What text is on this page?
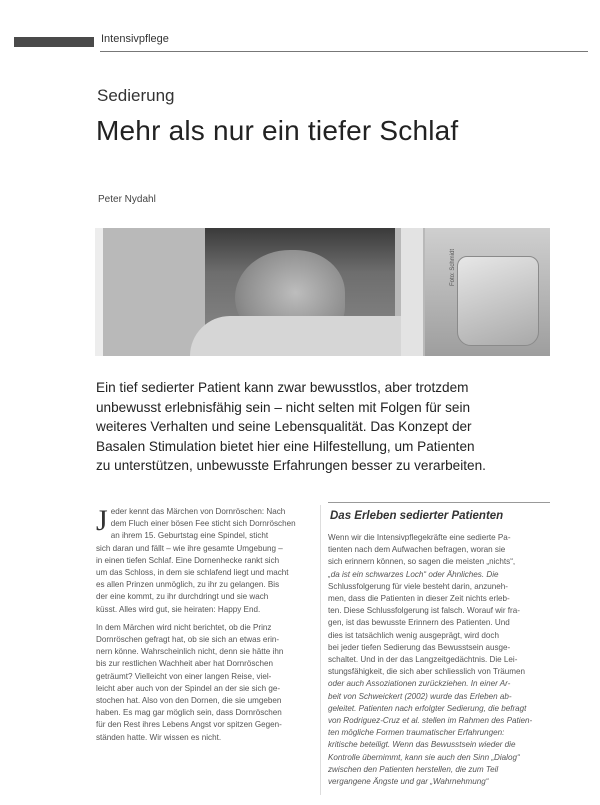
Intensivpflege
Sedierung
Mehr als nur ein tiefer Schlaf
Peter Nydahl
Foto: Schmidt

Ein tief sedierter Patient kann zwar bewusstlos, aber trotzdem
unbewusst erlebnisfähig sein – nicht selten mit Folgen für sein
weiteres Verhalten und seine Lebensqualität. Das Konzept der
Basalen Stimulation bietet hier eine Hilfestellung, um Patienten
zu unterstützen, unbewusste Erfahrungen besser zu verarbeiten.

J eder kennt das Märchen von Dornröschen: Nach
dem Fluch einer bösen Fee sticht sich Dornröschen
an ihrem 15. Geburtstag eine Spindel, sticht
sich daran und fällt – wie ihre gesamte Umgebung –
in einen tiefen Schlaf. Eine Dornenhecke rankt sich
um das Schloss, in dem sie schlafend liegt und macht
es allen Prinzen unmöglich, zu ihr zu gelangen. Bis
der eine kommt, zu ihr durchdringt und sie wach
küsst. Alles wird gut, sie heiraten: Happy End.
In dem Märchen wird nicht berichtet, ob die Prinz
Dornröschen gefragt hat, ob sie sich an etwas erin-
nern könne. Wahrscheinlich nicht, denn sie hätte ihn
bis zur restlichen Wachheit aber hat Dornröschen
geträumt? Vielleicht von einer langen Reise, viel-
leicht aber auch von der Spindel an der sie sich ge-
stochen hat. Also von den Dornen, die sie umgeben
haben. Es mag gar möglich sein, dass Dornröschen
für den Rest ihres Lebens Angst vor spitzen Gegen-
ständen hatte. Wir wissen es nicht.
Das Erleben sedierter Patienten
Wenn wir die Intensivpflegekräfte eine sedierte Pa-
tienten nach dem Aufwachen befragen, woran sie
sich erinnern können, so sagen die meisten „nichts“,
„da ist ein schwarzes Loch“ oder Ähnliches. Die
Schlussfolgerung für viele besteht darin, anzuneh-
men, dass die Patienten in dieser Zeit nichts erleb-
ten. Diese Schlussfolgerung ist falsch. Worauf wir fra-
gen, ist das bewusste Erinnern des Patienten. Und
dies ist tatsächlich wenig ausgeprägt, wird doch
bei jeder tiefen Sedierung das Bewusstsein ausge-
schaltet. Und in der das Langzeitgedächtnis. Die Lei-
stungsfähigkeit, die sich aber schliesslich von Träumen
oder auch Assoziationen zurückziehen. In einer Ar-
beit von Schweickert (2002) wurde das Erleben ab-
geleitet. Patienten nach erfolgter Sedierung, die befragt
von Rodriguez-Cruz et al. stellen im Rahmen des Patien-
ten mögliche Formen traumatischer Erfahrungen:
kritische beteiligt. Wenn das Bewusstsein wieder die
Kontrolle übernimmt, kann sie auch den Sinn „Dialog“
zwischen den Patienten herstellen, die zum Teil
vergangene Ängste und gar „Wahrnehmung“
